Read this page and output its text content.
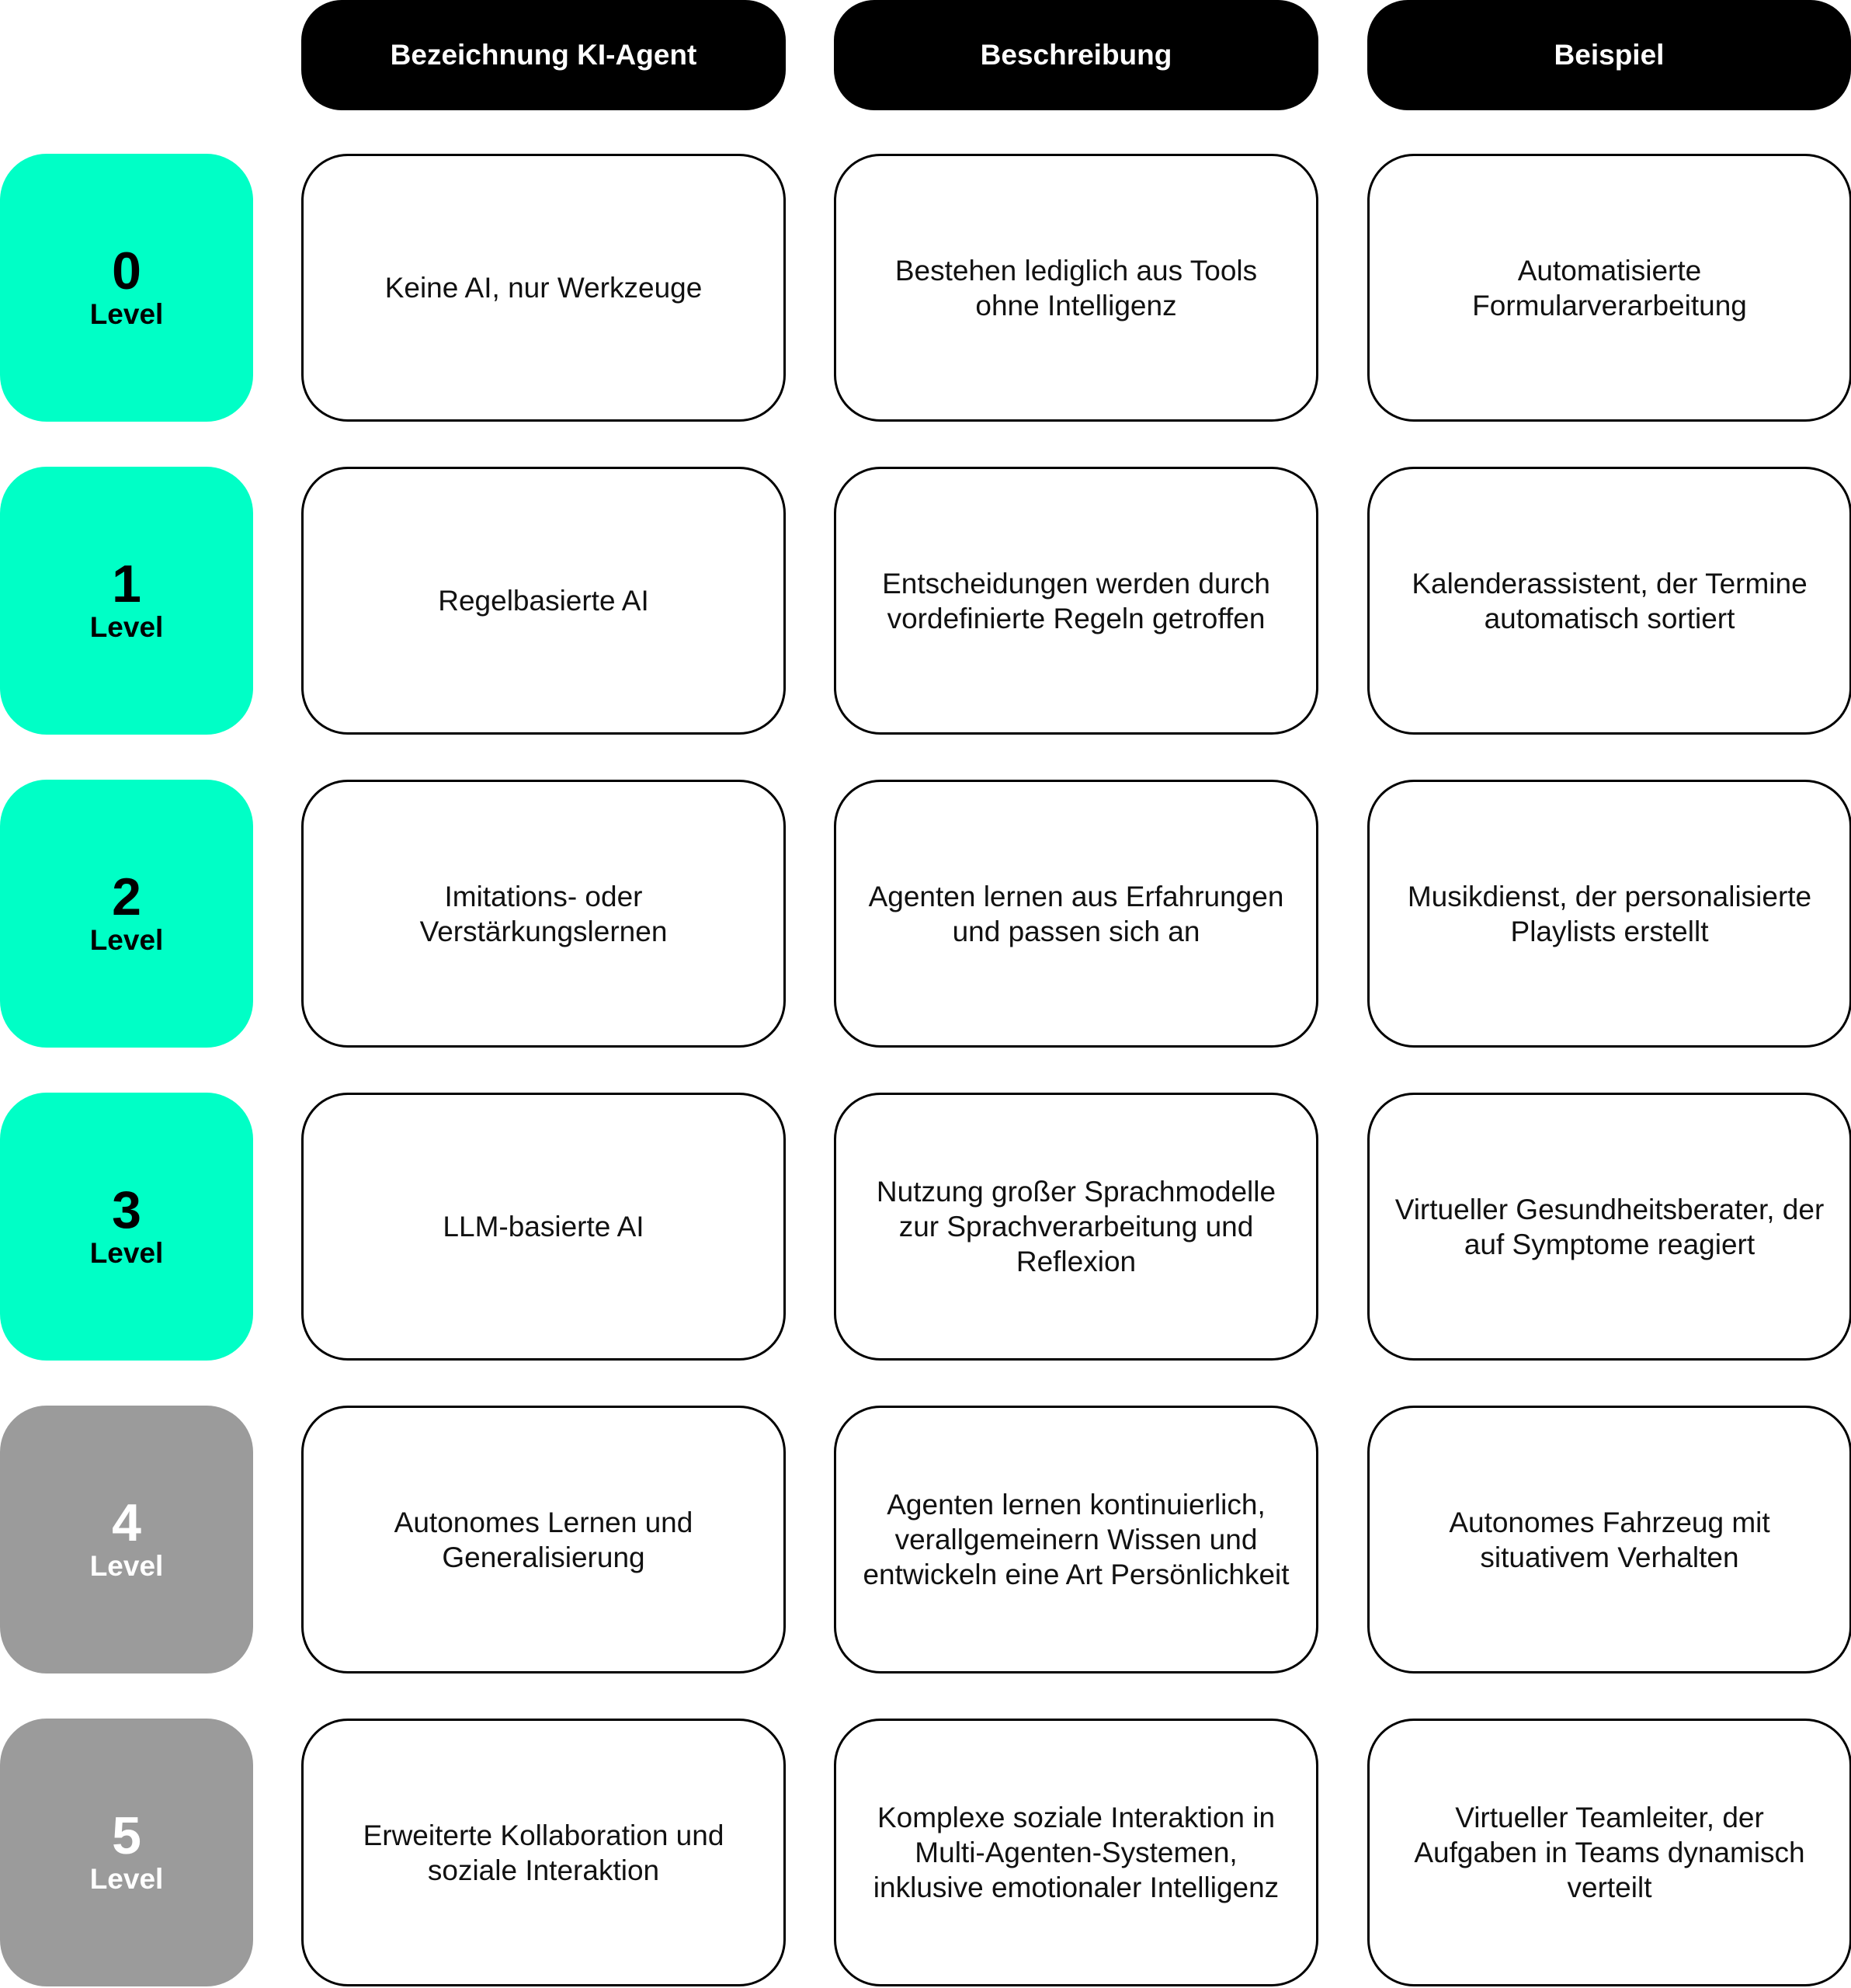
Bezeichnung KI-Agent	Beschreibung	Beispiel
0
Level
Keine AI, nur Werkzeuge
Bestehen lediglich aus Tools ohne Intelligenz
Automatisierte Formularverarbeitung
1
Level
Regelbasierte AI
Entscheidungen werden durch vordefinierte Regeln getroffen
Kalenderassistent, der Termine automatisch sortiert
2
Level
Imitations- oder Verstärkungslernen
Agenten lernen aus Erfahrungen und passen sich an
Musikdienst, der personalisierte Playlists erstellt
3
Level
LLM-basierte AI
Nutzung großer Sprachmodelle zur Sprachverarbeitung und Reflexion
Virtueller Gesundheitsberater, der auf Symptome reagiert
4
Level
Autonomes Lernen und Generalisierung
Agenten lernen kontinuierlich, verallgemeinern Wissen und entwickeln eine Art Persönlichkeit
Autonomes Fahrzeug mit situativem Verhalten
5
Level
Erweiterte Kollaboration und soziale Interaktion
Komplexe soziale Interaktion in Multi-Agenten-Systemen, inklusive emotionaler Intelligenz
Virtueller Teamleiter, der Aufgaben in Teams dynamisch verteilt
